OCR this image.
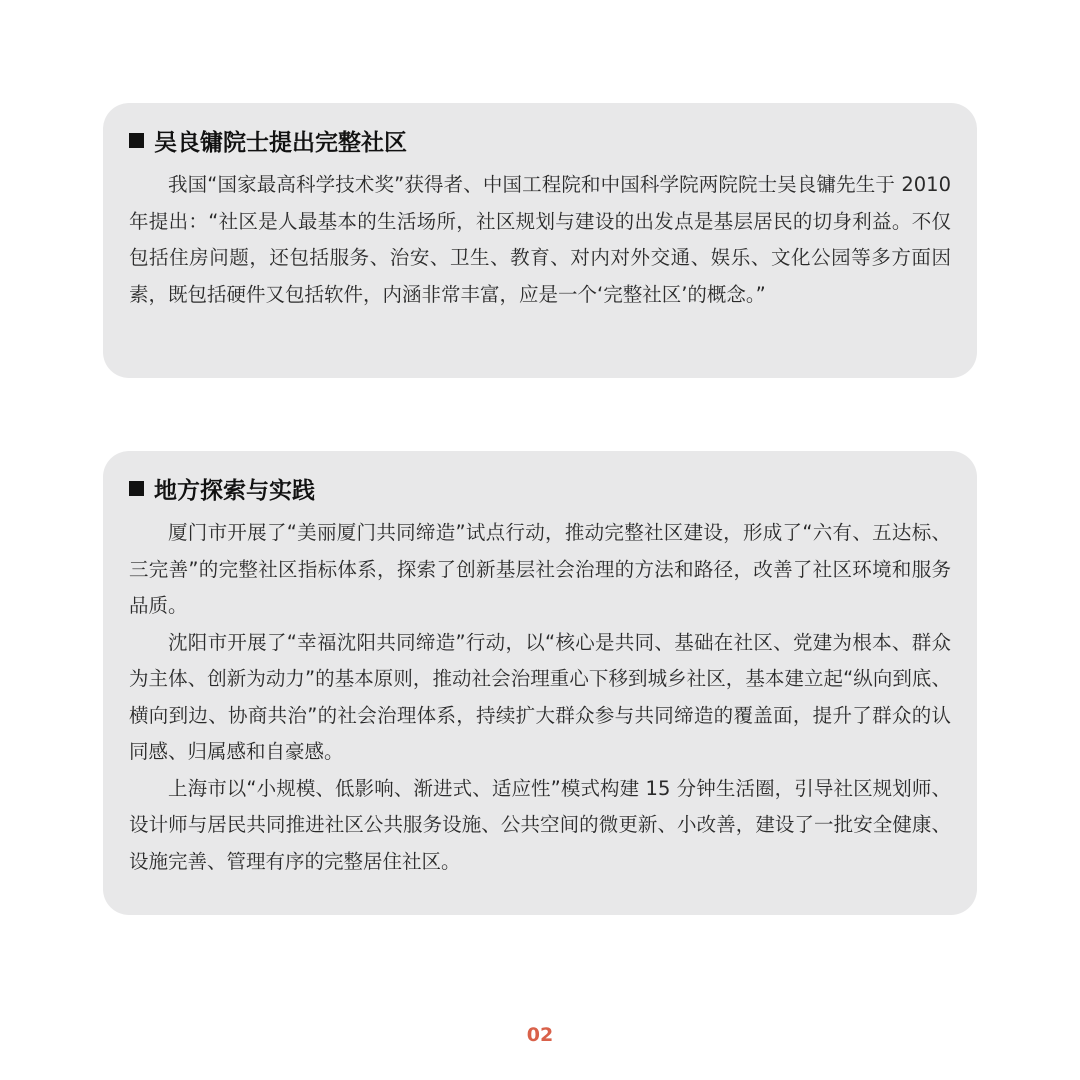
吴良镛院士提出完整社区

我国“国家最高科学技术奖”获得者、中国工程院和中国科学院两院院士吴良镛先生于 2010 年提出：“社区是人最基本的生活场所，社区规划与建设的出发点是基层居民的切身利益。不仅包括住房问题，还包括服务、治安、卫生、教育、对内对外交通、娱乐、文化公园等多方面因素，既包括硬件又包括软件，内涵非常丰富，应是一个‘完整社区’的概念。”

地方探索与实践

厦门市开展了“美丽厦门共同缔造”试点行动，推动完整社区建设，形成了“六有、五达标、三完善”的完整社区指标体系，探索了创新基层社会治理的方法和路径，改善了社区环境和服务品质。

沈阳市开展了“幸福沈阳共同缔造”行动，以“核心是共同、基础在社区、党建为根本、群众为主体、创新为动力”的基本原则，推动社会治理重心下移到城乡社区，基本建立起“纵向到底、横向到边、协商共治”的社会治理体系，持续扩大群众参与共同缔造的覆盖面，提升了群众的认同感、归属感和自豪感。

上海市以“小规模、低影响、渐进式、适应性”模式构建 15 分钟生活圈，引导社区规划师、设计师与居民共同推进社区公共服务设施、公共空间的微更新、小改善，建设了一批安全健康、设施完善、管理有序的完整居住社区。

02
